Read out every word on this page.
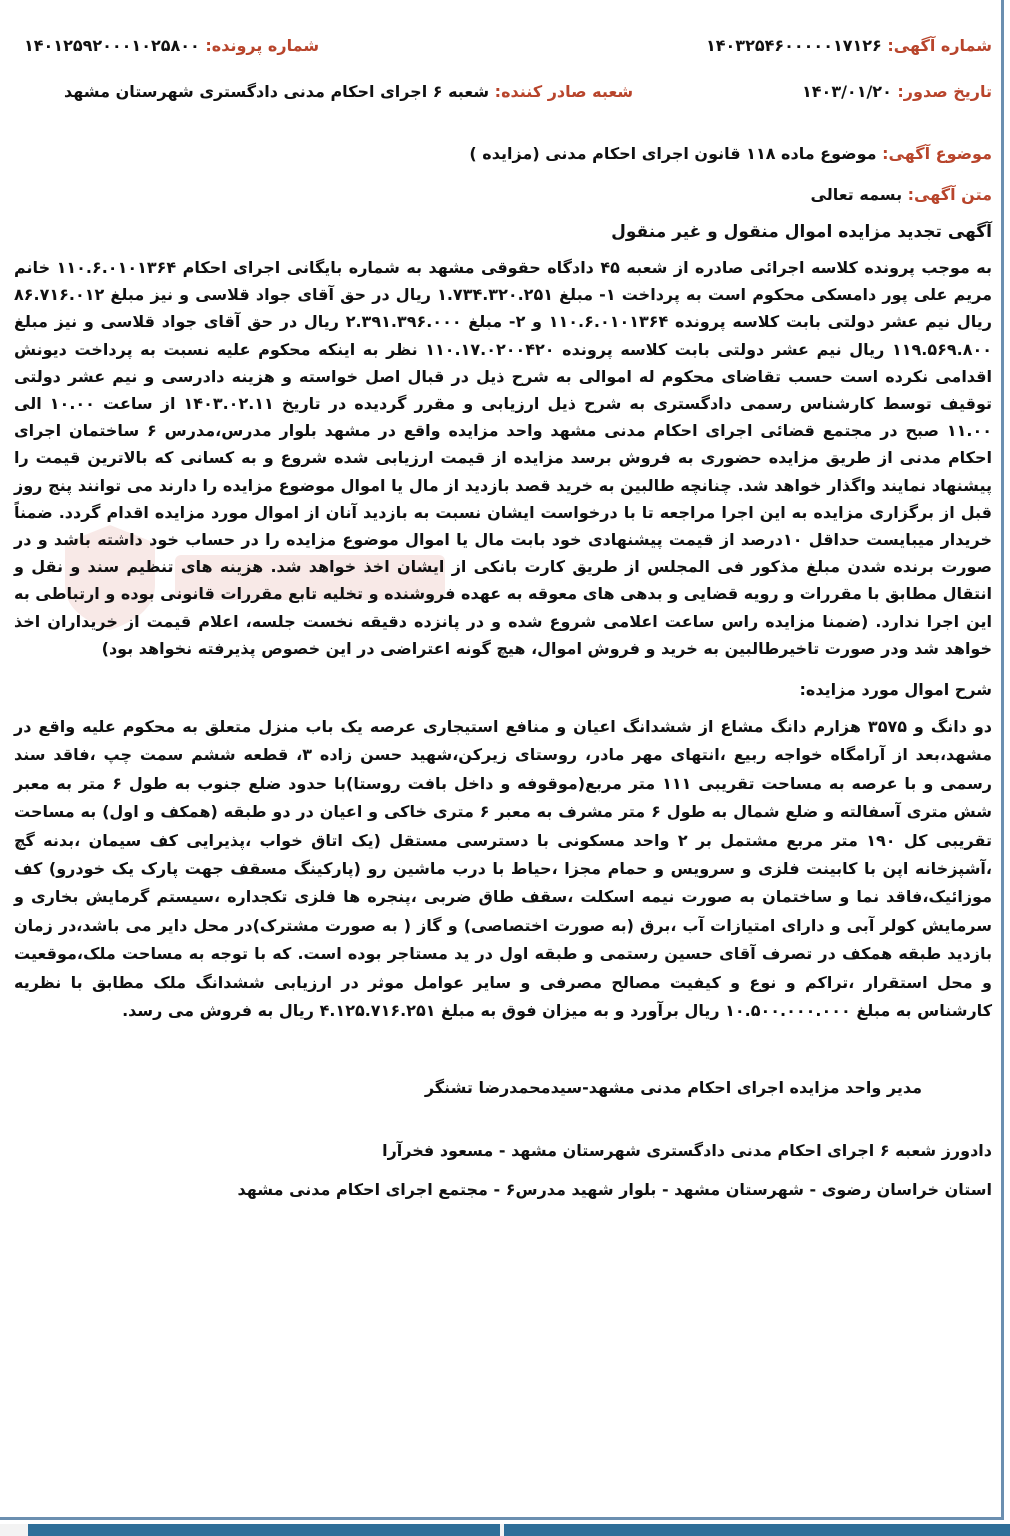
شماره آگهی: ۱۴۰۳۲۵۴۶۰۰۰۰۰۱۷۱۲۶
شماره پرونده: ۱۴۰۱۲۵۹۲۰۰۰۱۰۲۵۸۰۰
تاریخ صدور: ۱۴۰۳/۰۱/۲۰
شعبه صادر کننده: شعبه ۶ اجرای احکام مدنی دادگستری شهرستان مشهد
موضوع آگهی: موضوع ماده ۱۱۸ قانون اجرای احکام مدنی (مزایده )
متن آگهی: بسمه تعالی
آگهی تجدید مزایده اموال منقول و غیر منقول
به موجب پرونده کلاسه اجرائی صادره از شعبه ۴۵ دادگاه حقوقی مشهد به شماره بایگانی اجرای احکام ۱۱۰.۶.۰۱۰۱۳۶۴ خانم مریم علی پور دامسکی محکوم است به پرداخت ۱- مبلغ ۱.۷۳۴.۳۲۰.۲۵۱ ریال در حق آقای جواد قلاسی و نیز مبلغ ۸۶.۷۱۶.۰۱۲ ریال نیم عشر دولتی بابت کلاسه پرونده ۱۱۰.۶.۰۱۰۱۳۶۴ و ۲- مبلغ ۲.۳۹۱.۳۹۶.۰۰۰ ریال در حق آقای جواد قلاسی و نیز مبلغ ۱۱۹.۵۶۹.۸۰۰ ریال نیم عشر دولتی بابت کلاسه پرونده ۱۱۰.۱۷.۰۲۰۰۴۲۰ نظر به اینکه محکوم علیه نسبت به پرداخت دیونش اقدامی نکرده است حسب تقاضای محکوم له اموالی به شرح ذیل در قبال اصل خواسته و هزینه دادرسی و نیم عشر دولتی توقیف توسط کارشناس رسمی دادگستری به شرح ذیل ارزیابی و مقرر گردیده در تاریخ ۱۴۰۳.۰۲.۱۱ از ساعت ۱۰.۰۰ الی ۱۱.۰۰ صبح در مجتمع قضائی اجرای احکام مدنی مشهد واحد مزایده واقع در مشهد بلوار مدرس،مدرس ۶ ساختمان اجرای احکام مدنی از طریق مزایده حضوری به فروش برسد مزایده از قیمت ارزیابی شده شروع و به کسانی که بالاترین قیمت را پیشنهاد نمایند واگذار خواهد شد. چنانچه طالبین به خرید قصد بازدید از مال یا اموال موضوع مزایده را دارند می توانند پنج روز قبل از برگزاری مزایده به این اجرا مراجعه تا با درخواست ایشان نسبت به بازدید آنان از اموال مورد مزایده اقدام گردد. ضمناً خریدار میبایست حداقل ۱۰درصد از قیمت پیشنهادی خود بابت مال یا اموال موضوع مزایده را در حساب خود داشته باشد و در صورت برنده شدن مبلغ مذکور فی المجلس از طریق کارت بانکی از ایشان اخذ خواهد شد. هزینه های تنظیم سند و نقل و انتقال مطابق با مقررات و رویه قضایی و بدهی های معوقه به عهده فروشنده و تخلیه تابع مقررات قانونی بوده و ارتباطی به این اجرا ندارد. (ضمنا مزایده راس ساعت اعلامی شروع شده و در پانزده دقیقه نخست جلسه، اعلام قیمت از خریداران اخذ خواهد شد ودر صورت تاخیرطالبین به خرید و فروش اموال، هیچ گونه اعتراضی در این خصوص پذیرفته نخواهد بود)
شرح اموال مورد مزایده:
دو دانگ و ۳۵۷۵ هزارم دانگ مشاع از ششدانگ اعیان و منافع استیجاری عرصه یک باب منزل متعلق به محکوم علیه واقع در مشهد،بعد از آرامگاه خواجه ربیع ،انتهای مهر مادر، روستای زیرکن،شهید حسن زاده ۳، قطعه ششم سمت چپ ،فاقد سند رسمی و با عرصه به مساحت تقریبی ۱۱۱ متر مربع(موقوفه و داخل بافت روستا)با حدود ضلع جنوب به طول ۶ متر به معبر شش متری آسفالته و ضلع شمال به طول ۶ متر مشرف به معبر ۶ متری خاکی و اعیان در دو طبقه (همکف و اول) به مساحت تقریبی کل ۱۹۰ متر مربع مشتمل بر ۲ واحد مسکونی با دسترسی مستقل (یک اتاق خواب ،پذیرایی کف سیمان ،بدنه گچ ،آشپزخانه اپن با کابینت فلزی و سرویس و حمام مجزا ،حیاط با درب ماشین رو (پارکینگ مسقف جهت پارک یک خودرو) کف موزائیک،فاقد نما و ساختمان به صورت نیمه اسکلت ،سقف طاق ضربی ،پنجره ها فلزی تکجداره ،سیستم گرمایش بخاری و سرمایش کولر آبی و دارای امتیازات آب ،برق (به صورت اختصاصی) و گاز ( به صورت مشترک)در محل دایر می باشد،در زمان بازدید طبقه همکف در تصرف آقای حسین رستمی و طبقه اول در ید مستاجر بوده است. که با توجه به مساحت ملک،موقعیت و محل استقرار ،تراکم و نوع و کیفیت مصالح مصرفی و سایر عوامل موثر در ارزیابی ششدانگ ملک مطابق با نظریه کارشناس به مبلغ ۱۰.۵۰۰.۰۰۰.۰۰۰ ریال برآورد و به میزان فوق به مبلغ ۴.۱۲۵.۷۱۶.۲۵۱ ریال به فروش می رسد.
مدیر واحد مزایده اجرای احکام مدنی مشهد-سیدمحمدرضا تشنگر
دادورز شعبه ۶ اجرای احکام مدنی دادگستری شهرستان مشهد - مسعود فخرآرا
استان خراسان رضوی - شهرستان مشهد - بلوار شهید مدرس۶ - مجتمع اجرای احکام مدنی مشهد
